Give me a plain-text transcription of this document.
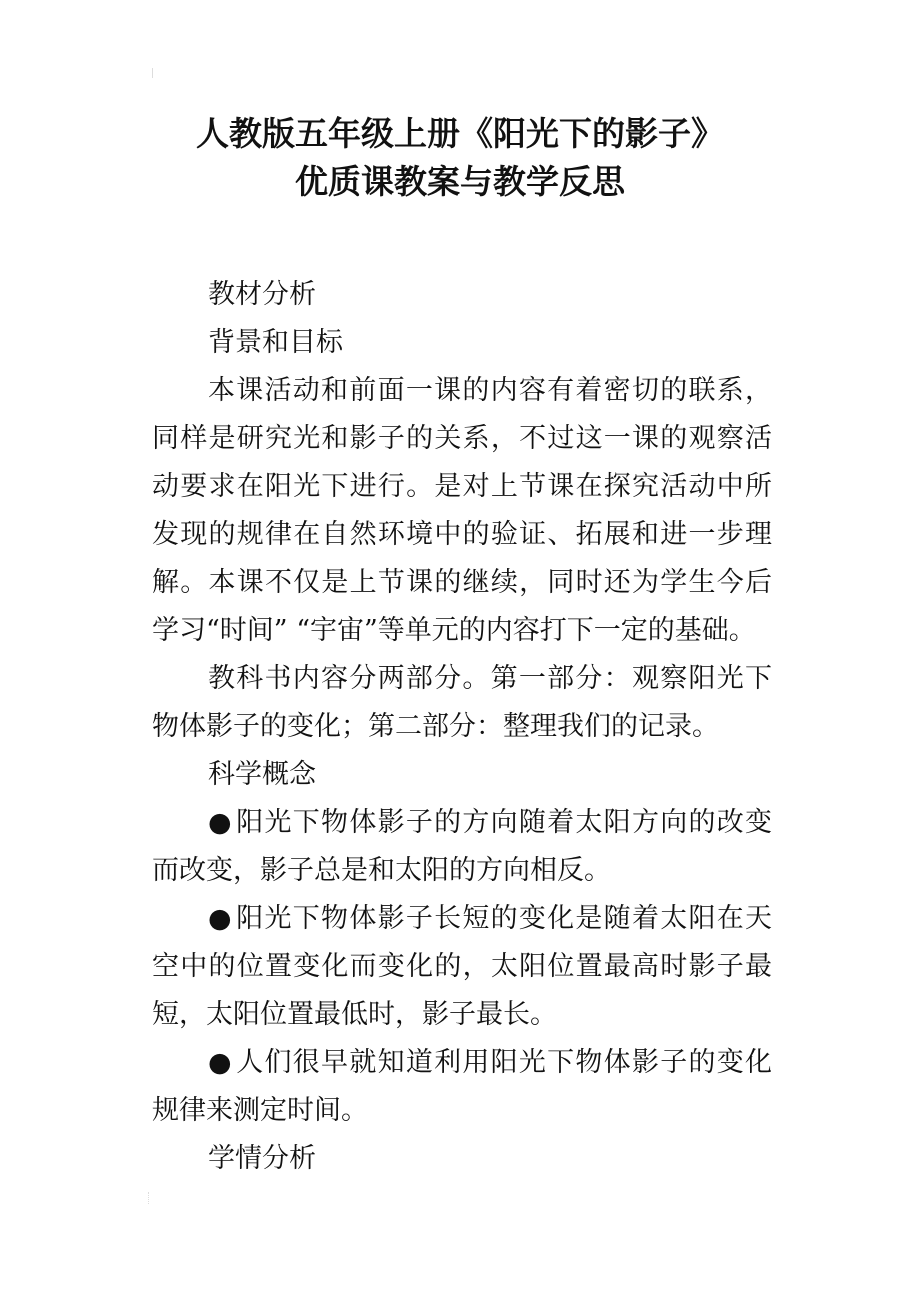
人教版五年级上册《阳光下的影子》
优质课教案与教学反思

教材分析

背景和目标

本课活动和前面一课的内容有着密切的联系，同样是研究光和影子的关系，不过这一课的观察活动要求在阳光下进行。是对上节课在探究活动中所发现的规律在自然环境中的验证、拓展和进一步理解。本课不仅是上节课的继续，同时还为学生今后学习“时间” “宇宙”等单元的内容打下一定的基础。

教科书内容分两部分。第一部分：观察阳光下物体影子的变化；第二部分：整理我们的记录。

科学概念

● 阳光下物体影子的方向随着太阳方向的改变而改变，影子总是和太阳的方向相反。

● 阳光下物体影子长短的变化是随着太阳在天空中的位置变化而变化的，太阳位置最高时影子最短，太阳位置最低时，影子最长。

● 人们很早就知道利用阳光下物体影子的变化规律来测定时间。

学情分析
